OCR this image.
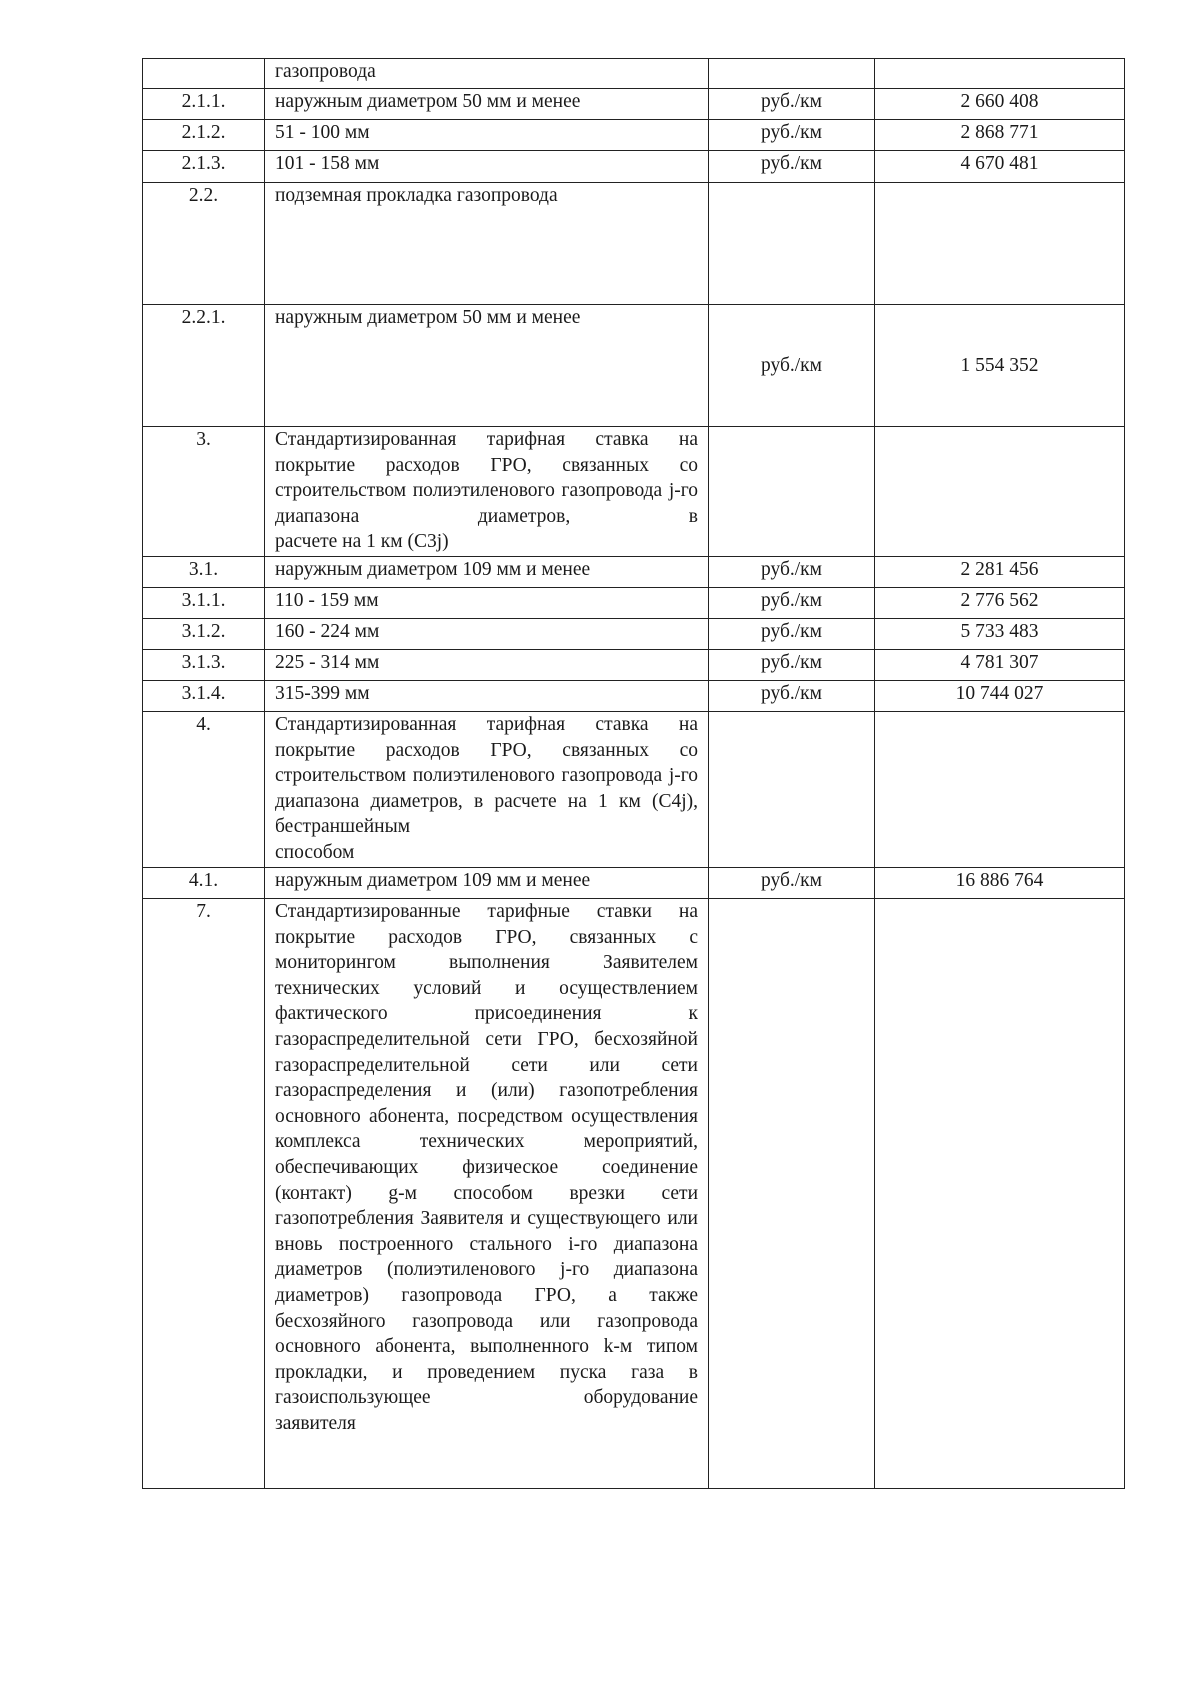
	газопровода		
2.1.1.	наружным диаметром 50 мм и менее	руб./км	2 660 408
2.1.2.	51 - 100 мм	руб./км	2 868 771
2.1.3.	101 - 158 мм	руб./км	4 670 481
2.2.	подземная прокладка газопровода		
2.2.1.	наружным диаметром 50 мм и менее	руб./км	1 554 352
3.	Стандартизированная тарифная ставка на покрытие расходов ГРО, связанных со строительством полиэтиленового газопровода j-го диапазона диаметров, в
расчете на 1 км (С3j)		

3.1.	наружным диаметром 109 мм и менее	руб./км	2 281 456
3.1.1.	110 - 159 мм	руб./км	2 776 562
3.1.2.	160 - 224 мм	руб./км	5 733 483
3.1.3.	225 - 314 мм	руб./км	4 781 307
3.1.4.	315-399 мм	руб./км	10 744 027
4.	Стандартизированная тарифная ставка на покрытие расходов ГРО, связанных со строительством полиэтиленового газопровода j-го диапазона диаметров, в расчете на 1 км (С4j), бестраншейным
способом		

4.1.	наружным диаметром 109 мм и менее	руб./км	16 886 764
7.	Стандартизированные тарифные ставки на покрытие расходов ГРО, связанных с мониторингом выполнения Заявителем технических условий и осуществлением фактического присоединения к газораспределительной сети ГРО, бесхозяйной газораспределительной сети или сети газораспределения и (или) газопотребления основного абонента, посредством осуществления комплекса технических мероприятий, обеспечивающих физическое соединение (контакт) g-м способом врезки сети газопотребления Заявителя и существующего или вновь построенного стального i-го диапазона диаметров (полиэтиленового j-го диапазона диаметров) газопровода ГРО, а также бесхозяйного газопровода или газопровода основного абонента, выполненного k-м типом прокладки, и проведением пуска газа в газоиспользующее оборудование
заявителя		
